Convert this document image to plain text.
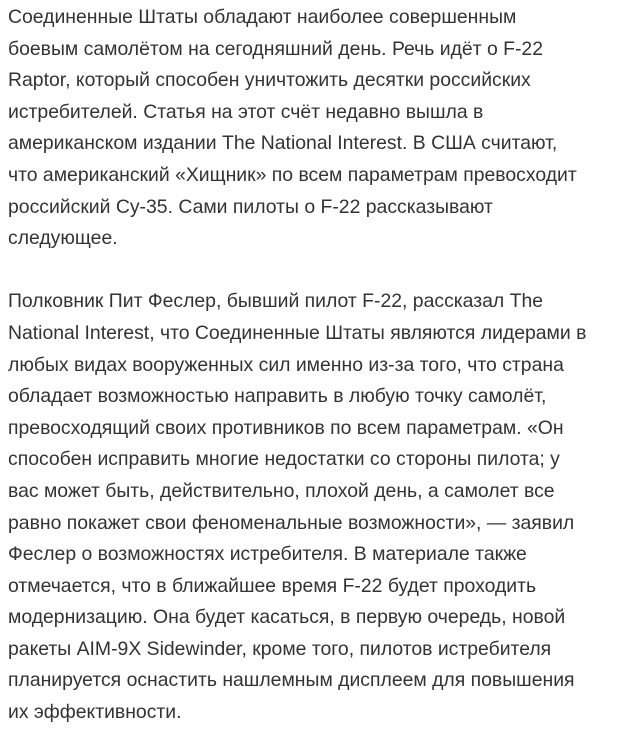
Соединенные Штаты обладают наиболее совершенным
боевым самолётом на сегодняшний день. Речь идёт о F-22
Raptor, который способен уничтожить десятки российских
истребителей. Статья на этот счёт недавно вышла в
американском издании The National Interest. В США считают,
что американский «Хищник» по всем параметрам превосходит
российский Су-35. Сами пилоты о F-22 рассказывают
следующее.

Полковник Пит Феслер, бывший пилот F-22, рассказал The
National Interest, что Соединенные Штаты являются лидерами в
любых видах вооруженных сил именно из-за того, что страна
обладает возможностью направить в любую точку самолёт,
превосходящий своих противников по всем параметрам. «Он
способен исправить многие недостатки со стороны пилота; у
вас может быть, действительно, плохой день, а самолет все
равно покажет свои феноменальные возможности», — заявил
Феслер о возможностях истребителя. В материале также
отмечается, что в ближайшее время F-22 будет проходить
модернизацию. Она будет касаться, в первую очередь, новой
ракеты AIM-9X Sidewinder, кроме того, пилотов истребителя
планируется оснастить нашлемным дисплеем для повышения
их эффективности.
